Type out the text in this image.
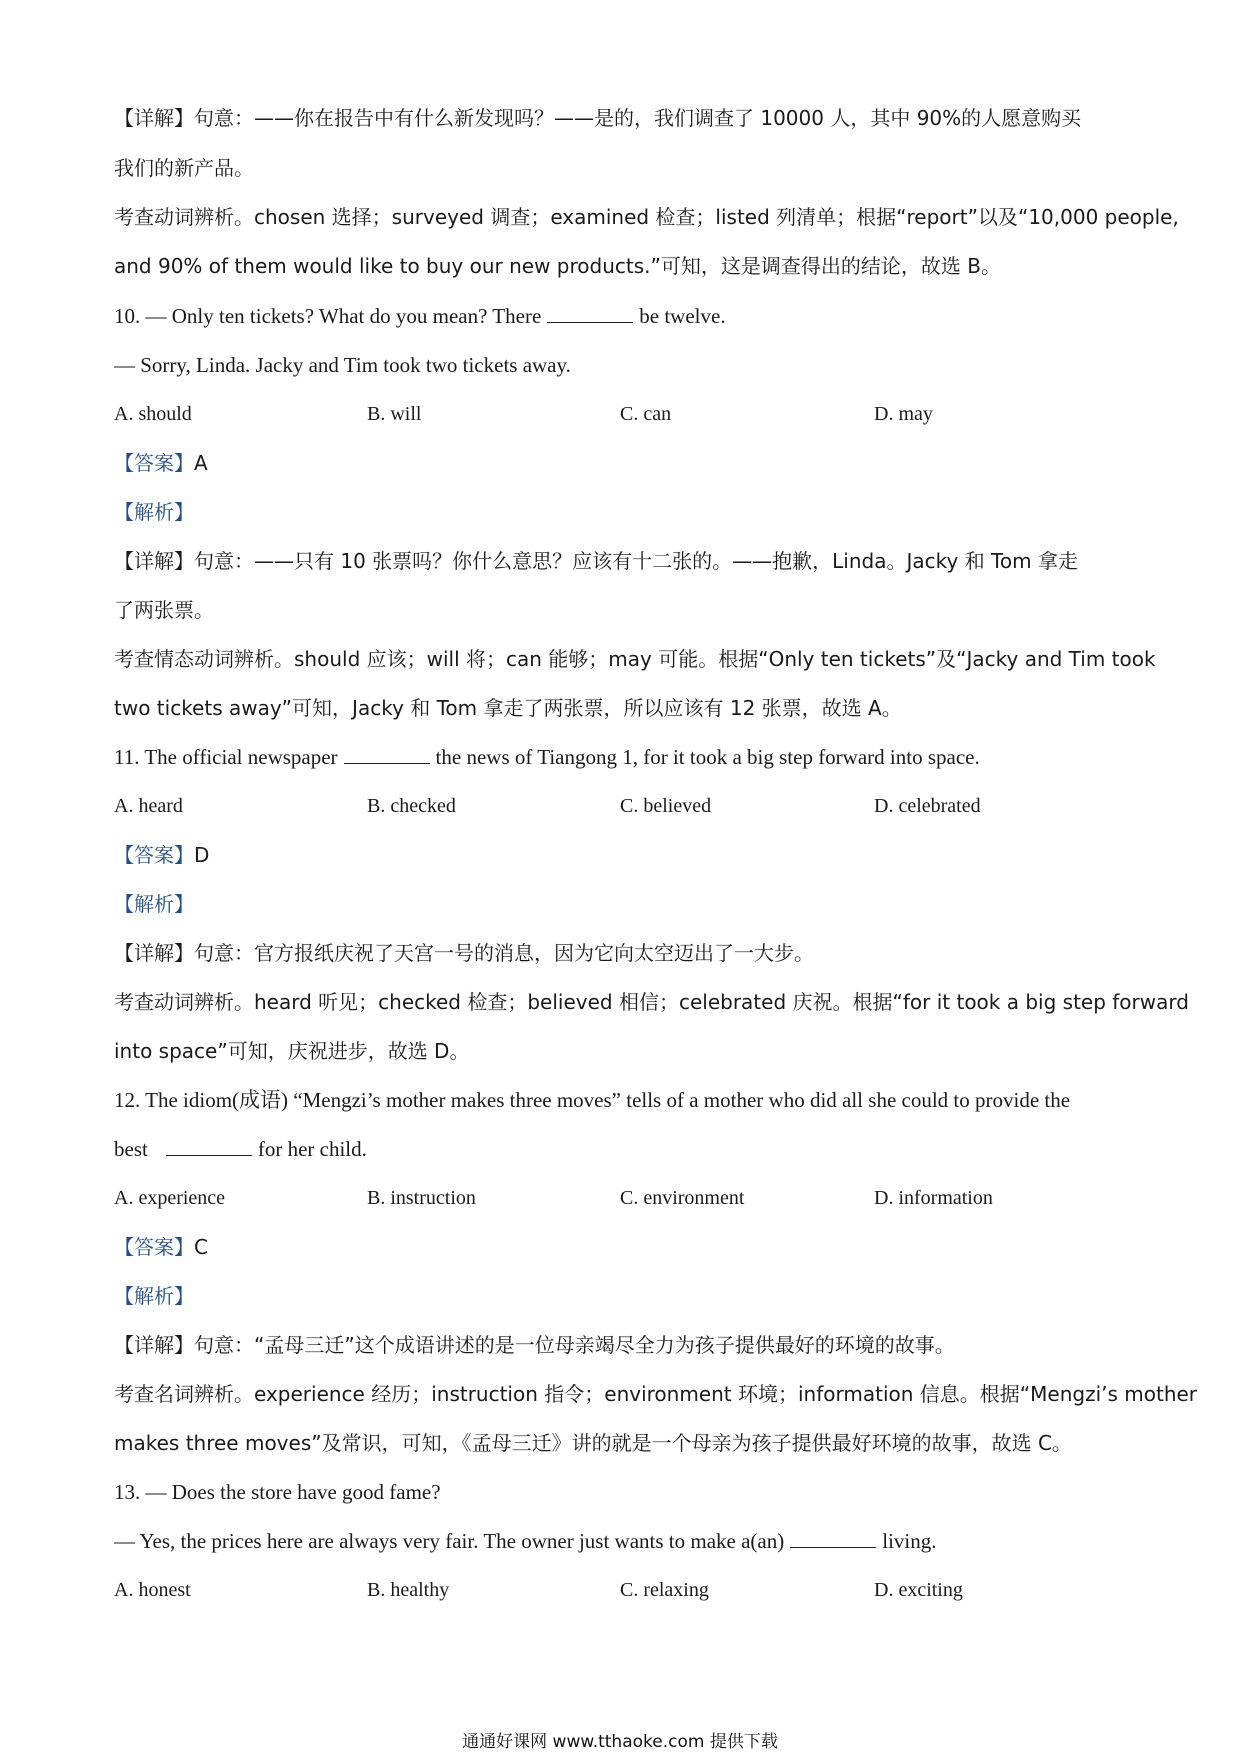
【详解】句意：——你在报告中有什么新发现吗？——是的，我们调查了 10000 人，其中 90%的人愿意购买
我们的新产品。
考查动词辨析。chosen 选择；surveyed 调查；examined 检查；listed 列清单；根据“report”以及“10,000 people,
and 90% of them would like to buy our new products.”可知，这是调查得出的结论，故选 B。
10. — Only ten tickets? What do you mean? There	be twelve.
— Sorry, Linda. Jacky and Tim took two tickets away.
A. should	B. will	C. can	D. may
【答案】A
【解析】
【详解】句意：——只有 10 张票吗？你什么意思？应该有十二张的。——抱歉，Linda。Jacky 和 Tom 拿走
了两张票。
考查情态动词辨析。should 应该；will 将；can 能够；may 可能。根据“Only ten tickets”及“Jacky and Tim took
two tickets away”可知，Jacky 和 Tom 拿走了两张票，所以应该有 12 张票，故选 A。
11. The official newspaper	the news of Tiangong 1, for it took a big step forward into space.
A. heard	B. checked	C. believed	D. celebrated
【答案】D
【解析】
【详解】句意：官方报纸庆祝了天宫一号的消息，因为它向太空迈出了一大步。
考查动词辨析。heard 听见；checked 检查；believed 相信；celebrated 庆祝。根据“for it took a big step forward
into space”可知，庆祝进步，故选 D。
12. The idiom(成语) “Mengzi’s mother makes three moves” tells of a mother who did all she could to provide the
best	for her child.
A. experience	B. instruction	C. environment	D. information
【答案】C
【解析】
【详解】句意：“孟母三迁”这个成语讲述的是一位母亲竭尽全力为孩子提供最好的环境的故事。
考查名词辨析。experience 经历；instruction 指令；environment 环境；information 信息。根据“Mengzi’s mother
makes three moves”及常识，可知，《孟母三迁》讲的就是一个母亲为孩子提供最好环境的故事，故选 C。
13. — Does the store have good fame?
— Yes, the prices here are always very fair. The owner just wants to make a(an)	living.
A. honest	B. healthy	C. relaxing	D. exciting
通通好课网 www.tthaoke.com 提供下载
